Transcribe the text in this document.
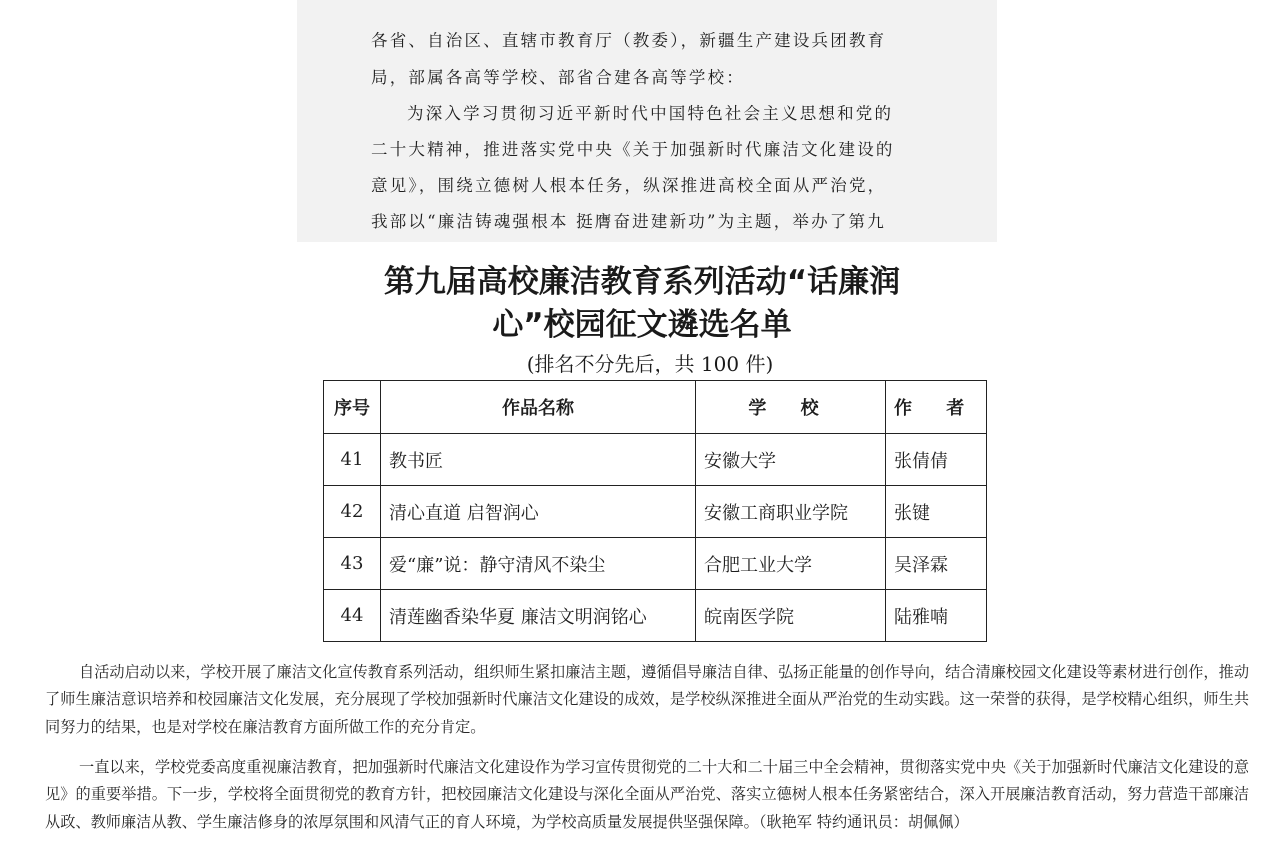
各省、自治区、直辖市教育厅（教委），新疆生产建设兵团教育
局，部属各高等学校、部省合建各高等学校：
为深入学习贯彻习近平新时代中国特色社会主义思想和党的
二十大精神，推进落实党中央《关于加强新时代廉洁文化建设的
意见》，围绕立德树人根本任务，纵深推进高校全面从严治党，
我部以“廉洁铸魂强根本 挺膺奋进建新功”为主题，举办了第九
第九届高校廉洁教育系列活动“话廉润
心”校园征文遴选名单
(排名不分先后，共 100 件)
序号	作品名称	学 校	作 者
41	教书匠	安徽大学	张倩倩
42	清心直道 启智润心	安徽工商职业学院	张键
43	爱“廉”说：静守清风不染尘	合肥工业大学	吴泽霖
44	清莲幽香染华夏 廉洁文明润铭心	皖南医学院	陆雅喃

自活动启动以来，学校开展了廉洁文化宣传教育系列活动，组织师生紧扣廉洁主题，遵循倡导廉洁自律、弘扬正能量的创作导向，结合清廉校园文化建设等素材进行创作，推动了师生廉洁意识培养和校园廉洁文化发展，充分展现了学校加强新时代廉洁文化建设的成效，是学校纵深推进全面从严治党的生动实践。这一荣誉的获得，是学校精心组织，师生共同努力的结果，也是对学校在廉洁教育方面所做工作的充分肯定。

一直以来，学校党委高度重视廉洁教育，把加强新时代廉洁文化建设作为学习宣传贯彻党的二十大和二十届三中全会精神，贯彻落实党中央《关于加强新时代廉洁文化建设的意见》的重要举措。下一步，学校将全面贯彻党的教育方针，把校园廉洁文化建设与深化全面从严治党、落实立德树人根本任务紧密结合，深入开展廉洁教育活动，努力营造干部廉洁从政、教师廉洁从教、学生廉洁修身的浓厚氛围和风清气正的育人环境，为学校高质量发展提供坚强保障。（耿艳军 特约通讯员：胡佩佩）
